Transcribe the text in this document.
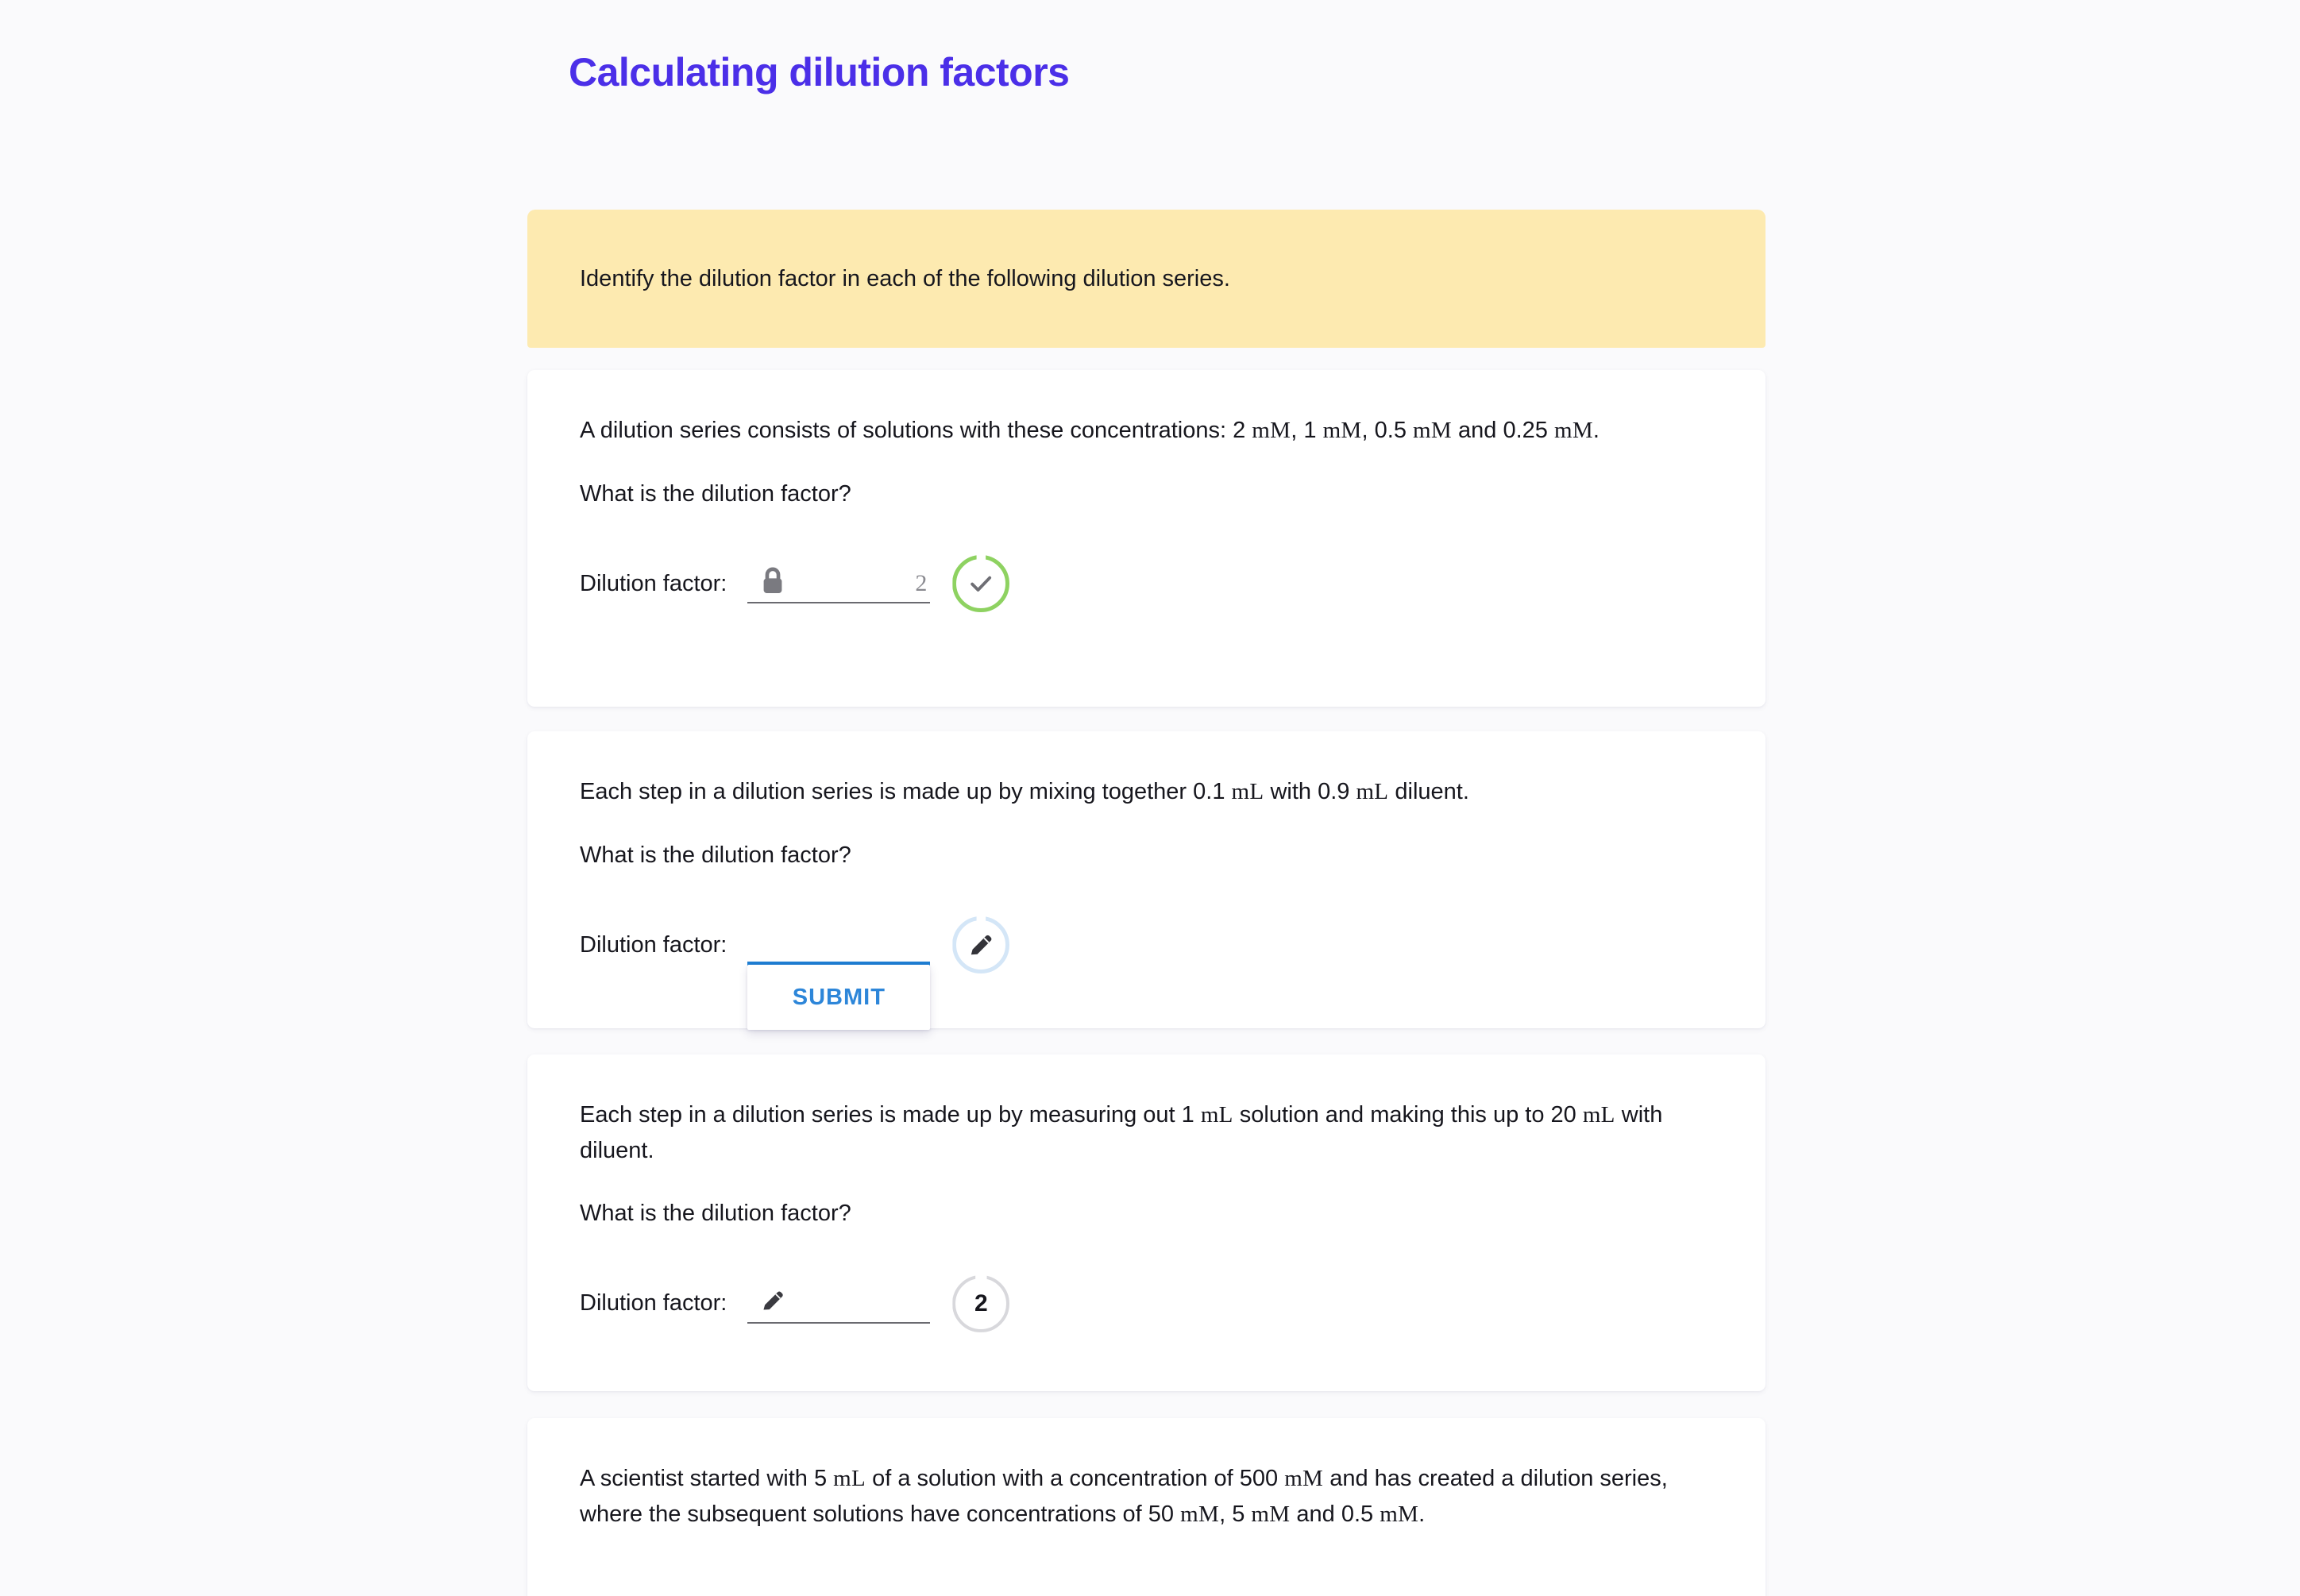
Calculating dilution factors
Identify the dilution factor in each of the following dilution series.
A dilution series consists of solutions with these concentrations: 2 mM, 1 mM, 0.5 mM and 0.25 mM.
What is the dilution factor?
Dilution factor:	2
Each step in a dilution series is made up by mixing together 0.1 mL with 0.9 mL diluent.
What is the dilution factor?
Dilution factor:
SUBMIT
Each step in a dilution series is made up by measuring out 1 mL solution and making this up to 20 mL with diluent.
What is the dilution factor?
Dilution factor:	2
A scientist started with 5 mL of a solution with a concentration of 500 mM and has created a dilution series, where the subsequent solutions have concentrations of 50 mM, 5 mM and 0.5 mM.
